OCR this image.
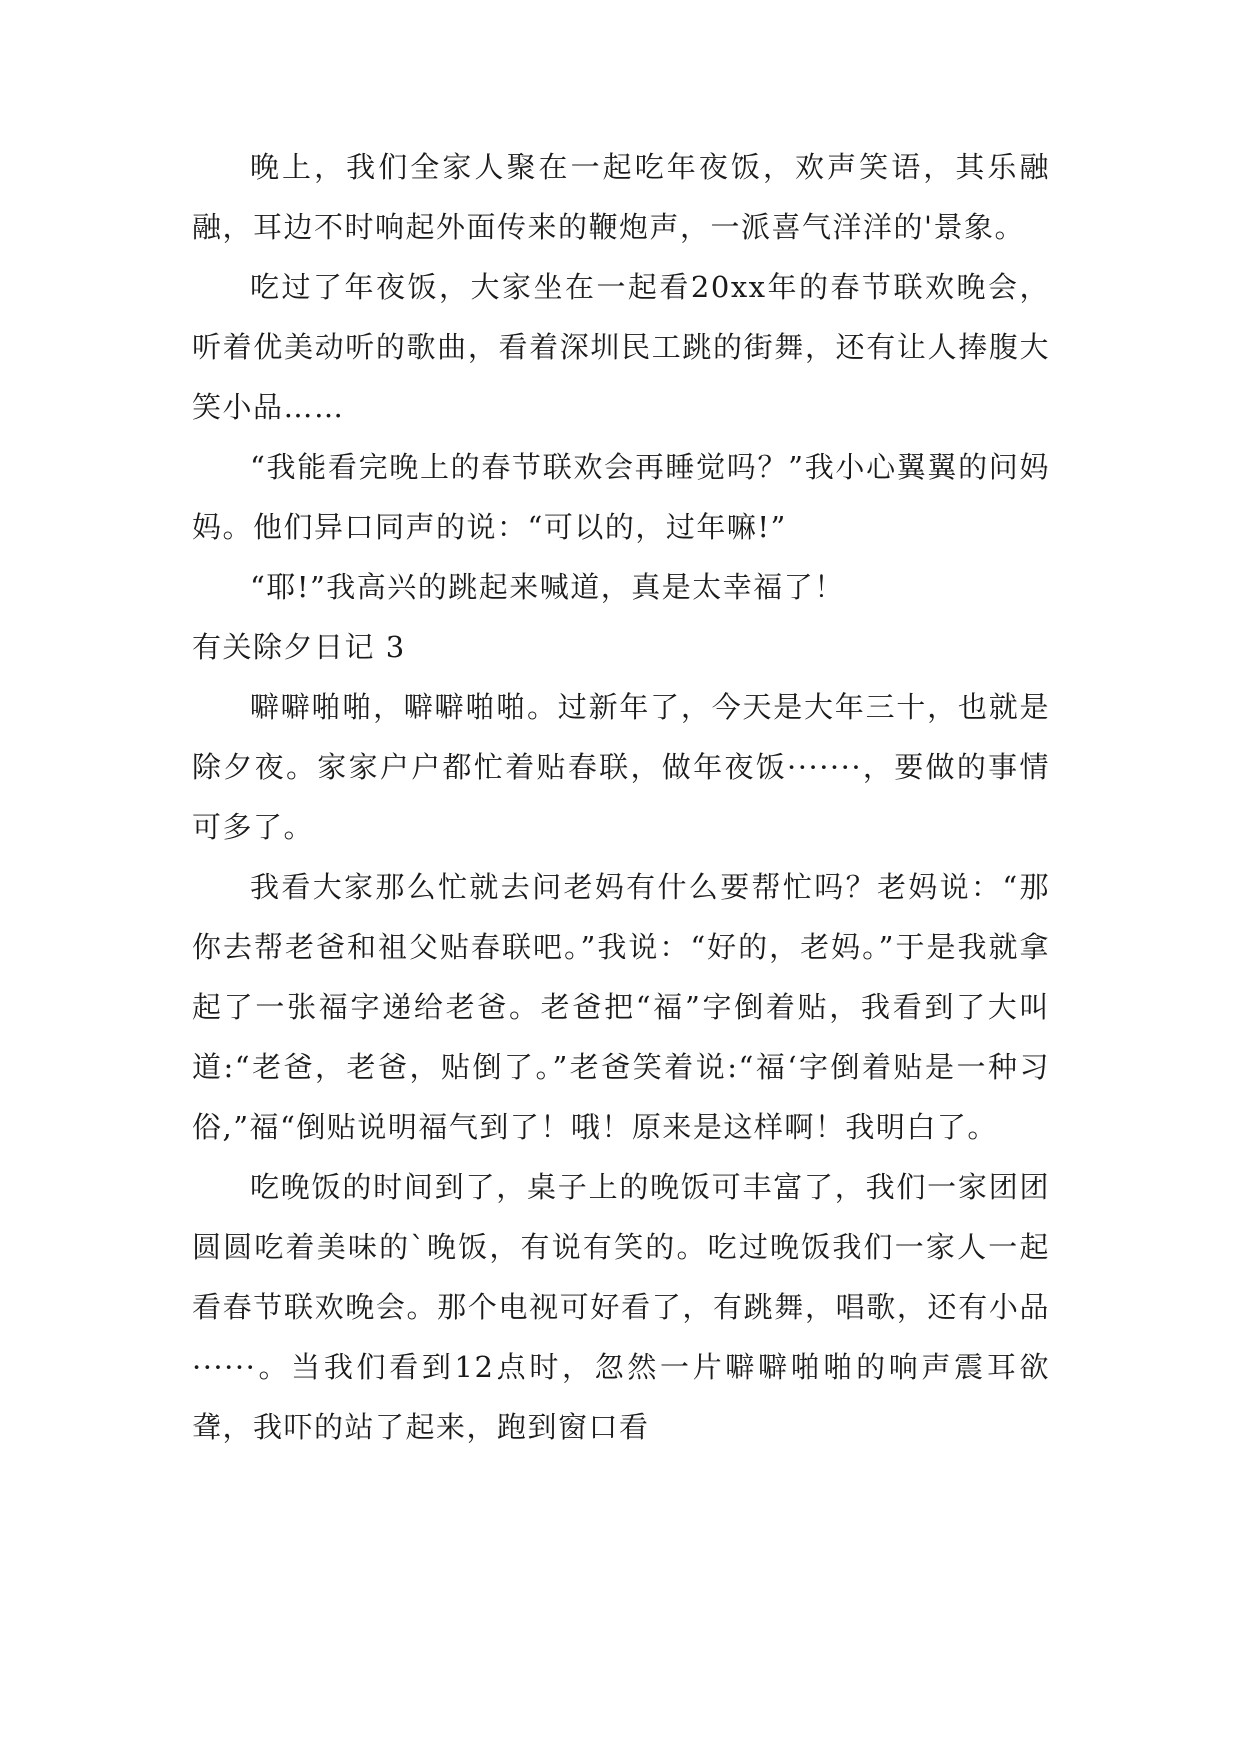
晚上，我们全家人聚在一起吃年夜饭，欢声笑语，其乐融融，耳边不时响起外面传来的鞭炮声，一派喜气洋洋的'景象。

吃过了年夜饭，大家坐在一起看20xx年的春节联欢晚会，听着优美动听的歌曲，看着深圳民工跳的街舞，还有让人捧腹大笑小品……

“我能看完晚上的春节联欢会再睡觉吗？”我小心翼翼的问妈妈。他们异口同声的说：“可以的，过年嘛!”

“耶!”我高兴的跳起来喊道，真是太幸福了！

有关除夕日记 3

噼噼啪啪，噼噼啪啪。过新年了，今天是大年三十，也就是除夕夜。家家户户都忙着贴春联，做年夜饭·······，要做的事情可多了。

我看大家那么忙就去问老妈有什么要帮忙吗？老妈说：“那你去帮老爸和祖父贴春联吧。”我说：“好的，老妈。”于是我就拿起了一张福字递给老爸。老爸把“福”字倒着贴，我看到了大叫道:“老爸，老爸，贴倒了。”老爸笑着说:“福‘字倒着贴是一种习俗,”福“倒贴说明福气到了！哦！原来是这样啊！我明白了。

吃晚饭的时间到了，桌子上的晚饭可丰富了，我们一家团团圆圆吃着美味的`晚饭，有说有笑的。吃过晚饭我们一家人一起看春节联欢晚会。那个电视可好看了，有跳舞，唱歌，还有小品······。当我们看到12点时，忽然一片噼噼啪啪的响声震耳欲聋，我吓的站了起来，跑到窗口看
